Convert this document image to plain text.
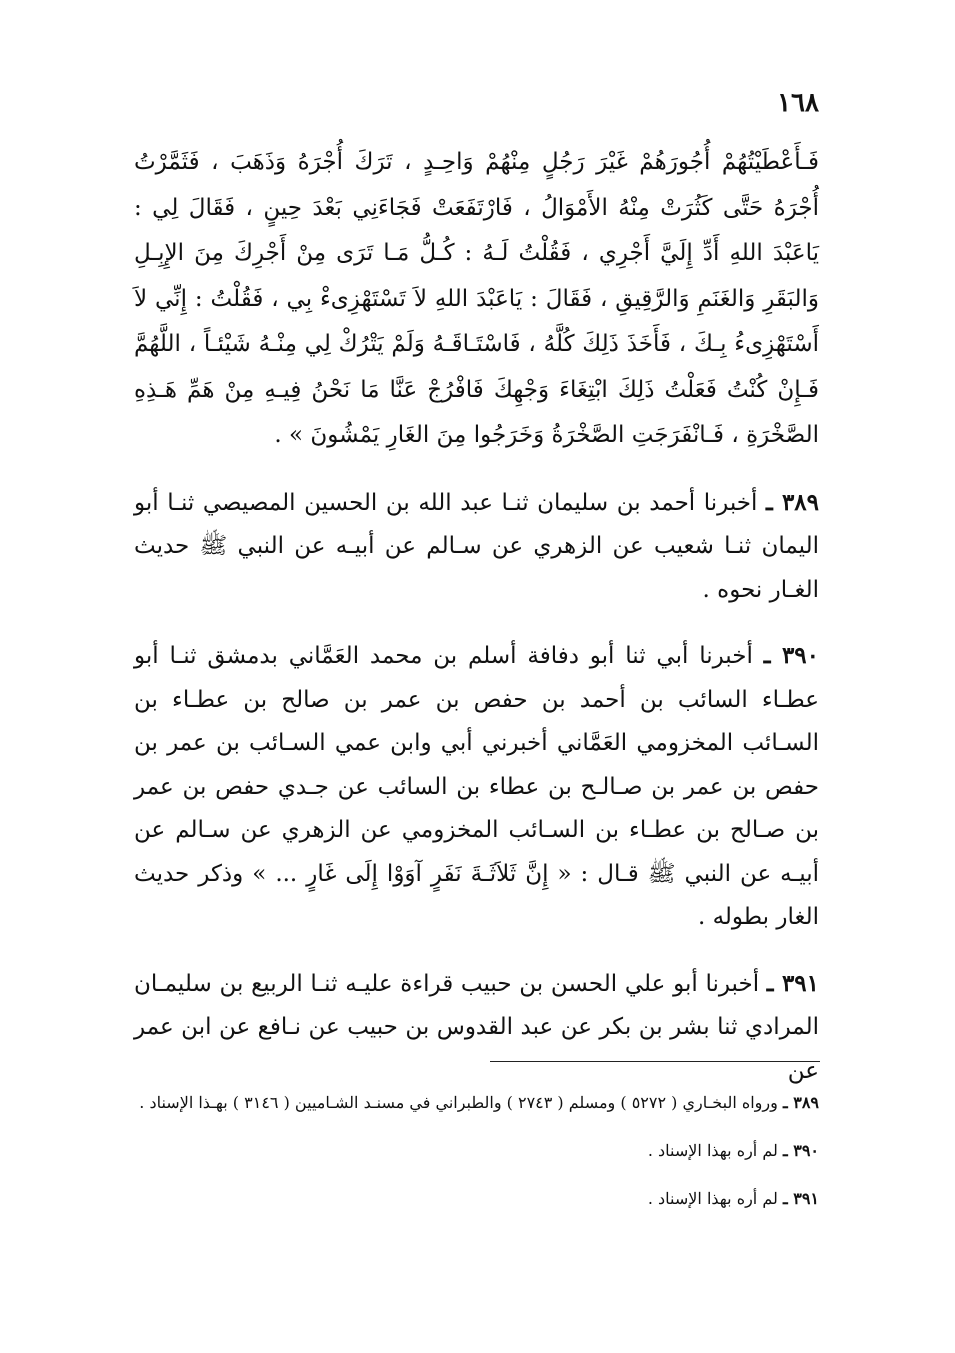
١٦٨

فَـأَعْطَيْتُهُمْ أُجُورَهُمْ غَيْرَ رَجُلٍ مِنْهُمْ وَاحِـدٍ ، تَرَكَ أُجْرَهُ وَذَهَبَ ، فَثَمَّرْتُ أُجْرَهُ حَتَّى كَثُرَتْ مِنْهُ الأَمْوَالُ ، فَارْتَفَعَتْ فَجَاءَنِي بَعْدَ حِينٍ ، فَقَالَ لِي : يَاعَبْدَ اللهِ أَدِّ إِلَيَّ أَجْرِي ، فَقُلْتُ لَـهُ : كُـلُّ مَـا تَرَى مِنْ أَجْرِكَ مِنَ الإِبِـلِ وَالبَقَرِ وَالغَنَمِ وَالرَّقِيقِ ، فَقَالَ : يَاعَبْدَ اللهِ لاَ تَسْتَهْزِىءْ بِي ، فَقُلْتُ : إِنِّي لاَ أَسْتَهْزِىءُ بِـكَ ، فَأَخَذَ ذَلِكَ كُلَّهُ ، فَاسْتَـاقَـهُ وَلَمْ يَتْرُكْ لِي مِنْـهُ شَيْئـاً ، اللَّهُمَّ فَـإِنْ كُنْتُ فَعَلْتُ ذَلِكَ ابْتِغَاءَ وَجْهِكَ فَافْرُجْ عَنَّا مَا نَحْنُ فِيـهِ مِنْ هَمِّ هَـذِهِ الصَّخْرَةِ ، فَـانْفَرَجَتِ الصَّخْرَةُ وَخَرَجُوا مِنَ الغَارِ يَمْشُونَ » .

٣٨٩ ـ أخبرنا أحمد بن سليمان ثنـا عبد الله بن الحسين المصيصي ثنـا أبو اليمان ثنـا شعيب عن الزهري عن سـالم عن أبيـه عن النبي ﷺ حديث الغـار نحوه .

٣٩٠ ـ أخبرنا أبي ثنا أبو دفافة أسلم بن محمد العَمَّاني بدمشق ثنـا أبو عطـاء السائب بن أحمد بن حفص بن عمر بن صالح بن عطـاء بن السـائب المخزومي العَمَّاني أخبرني أبي وابن عمي السـائب بن عمر بن حفص بن عمر بن صـالـح بن عطاء بن السائب عن جـدي حفص بن عمر بن صـالح بن عطـاء بن السـائب المخزومي عن الزهري عن سـالم عن أبيـه عن النبي ﷺ قـال : « إِنَّ ثَلاَثَـةَ نَفَرٍ آوَوْا إِلَى غَارٍ ... » وذكر حديث الغار بطوله .

٣٩١ ـ أخبرنا أبو علي الحسن بن حبيب قراءة عليـه ثنـا الربيع بن سليمـان المرادي ثنا بشر بن بكر عن عبد القدوس بن حبيب عن نـافع عن ابن عمر عن

٣٨٩ ـ ورواه البخـاري ( ٥٢٧٢ ) ومسلم ( ٢٧٤٣ ) والطبراني في مسنـد الشـاميين ( ٣١٤٦ ) بهـذا الإسناد .

٣٩٠ ـ لم أره بهذا الإسناد .

٣٩١ ـ لم أره بهذا الإسناد .
